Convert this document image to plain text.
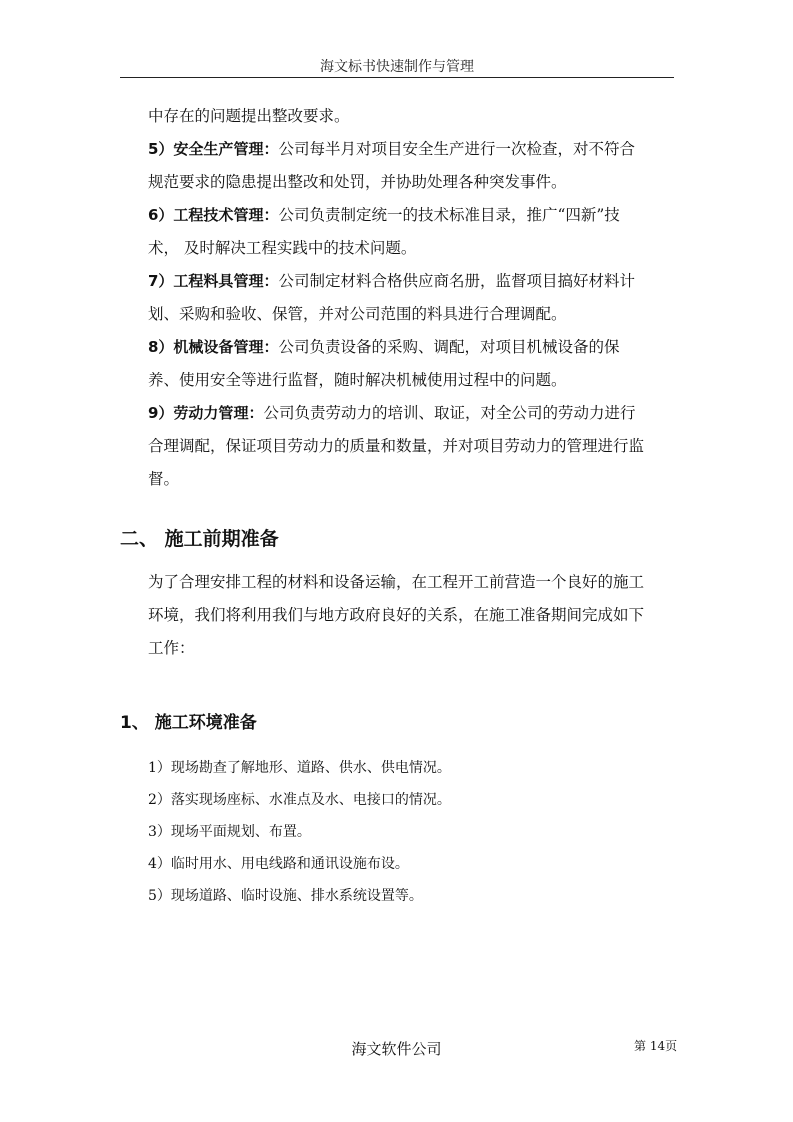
海文标书快速制作与管理

中存在的问题提出整改要求。

5）安全生产管理：公司每半月对项目安全生产进行一次检查，对不符合规范要求的隐患提出整改和处罚，并协助处理各种突发事件。

6）工程技术管理：公司负责制定统一的技术标准目录，推广“四新”技术， 及时解决工程实践中的技术问题。

7）工程料具管理：公司制定材料合格供应商名册，监督项目搞好材料计划、采购和验收、保管，并对公司范围的料具进行合理调配。

8）机械设备管理：公司负责设备的采购、调配，对项目机械设备的保养、使用安全等进行监督，随时解决机械使用过程中的问题。

9）劳动力管理：公司负责劳动力的培训、取证，对全公司的劳动力进行合理调配，保证项目劳动力的质量和数量，并对项目劳动力的管理进行监督。

二、 施工前期准备

为了合理安排工程的材料和设备运输，在工程开工前营造一个良好的施工环境，我们将利用我们与地方政府良好的关系，在施工准备期间完成如下工作：

1、 施工环境准备

1）现场勘查了解地形、道路、供水、供电情况。

2）落实现场座标、水准点及水、电接口的情况。

3）现场平面规划、布置。

4）临时用水、用电线路和通讯设施布设。

5）现场道路、临时设施、排水系统设置等。

海文软件公司	第 14页
